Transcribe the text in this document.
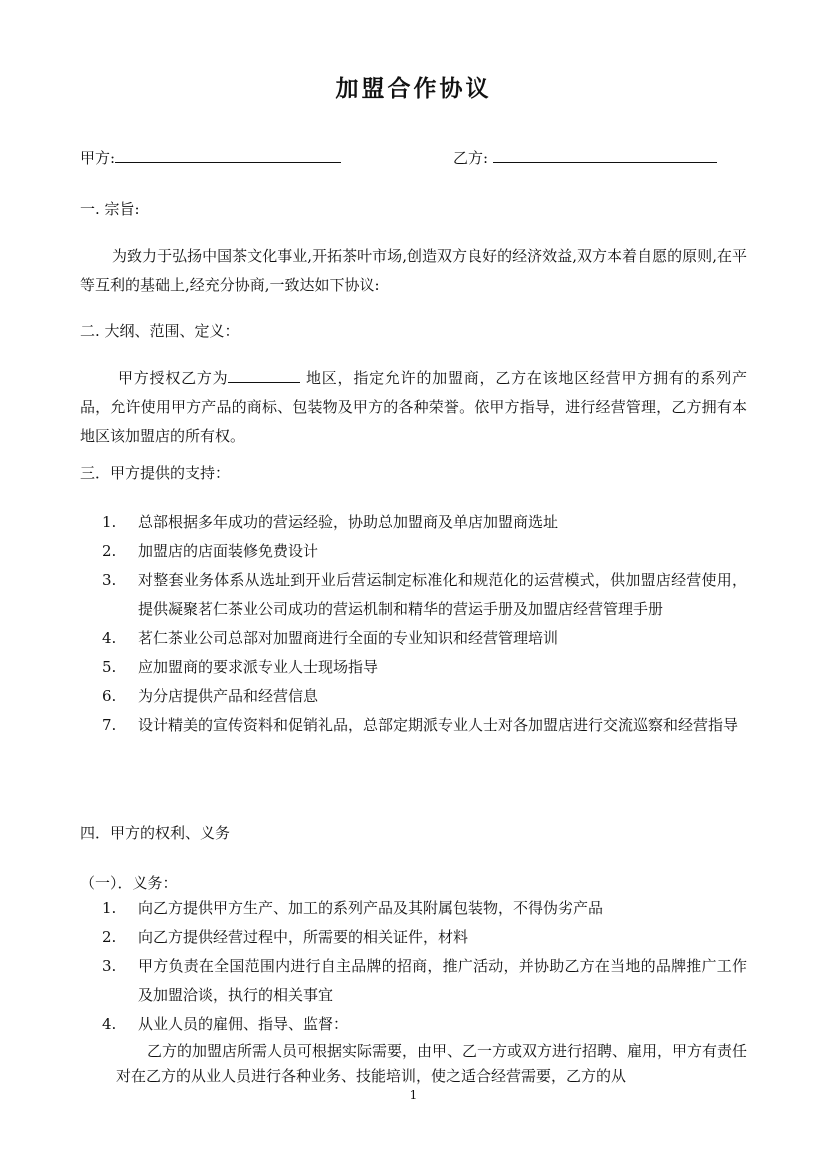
加盟合作协议
甲方:	乙方:
一. 宗旨:
为致力于弘扬中国茶文化事业,开拓茶叶市场,创造双方良好的经济效益,双方本着自愿的原则,在平等互利的基础上,经充分协商,一致达如下协议:
二. 大纲、范围、定义：
甲方授权乙方为	地区，指定允许的加盟商，乙方在该地区经营甲方拥有的系列产品，允许使用甲方产品的商标、包装物及甲方的各种荣誉。依甲方指导，进行经营管理，乙方拥有本地区该加盟店的所有权。
三．甲方提供的支持：
1. 总部根据多年成功的营运经验，协助总加盟商及单店加盟商选址
2. 加盟店的店面装修免费设计
3. 对整套业务体系从选址到开业后营运制定标准化和规范化的运营模式，供加盟店经营使用，提供凝聚茗仁茶业公司成功的营运机制和精华的营运手册及加盟店经营管理手册
4. 茗仁茶业公司总部对加盟商进行全面的专业知识和经营管理培训
5. 应加盟商的要求派专业人士现场指导
6. 为分店提供产品和经营信息
7. 设计精美的宣传资料和促销礼品，总部定期派专业人士对各加盟店进行交流巡察和经营指导
四．甲方的权利、义务
（一）．义务：
1. 向乙方提供甲方生产、加工的系列产品及其附属包装物，不得伪劣产品
2. 向乙方提供经营过程中，所需要的相关证件，材料
3. 甲方负责在全国范围内进行自主品牌的招商，推广活动，并协助乙方在当地的品牌推广工作及加盟洽谈，执行的相关事宜
4. 从业人员的雇佣、指导、监督：
乙方的加盟店所需人员可根据实际需要，由甲、乙一方或双方进行招聘、雇用，甲方有责任对在乙方的从业人员进行各种业务、技能培训，使之适合经营需要，乙方的从
1
